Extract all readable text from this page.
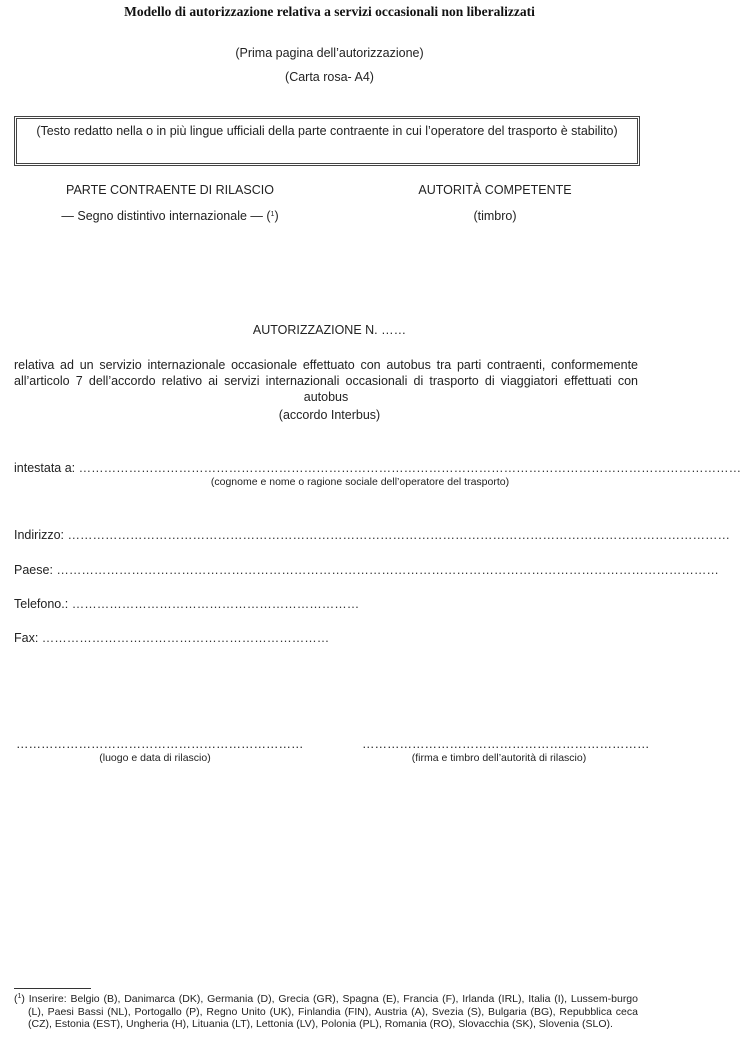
Modello di autorizzazione relativa a servizi occasionali non liberalizzati
(Prima pagina dell’autorizzazione)
(Carta rosa- A4)
(Testo redatto nella o in più lingue ufficiali della parte contraente in cui l’operatore del trasporto è stabilito)
PARTE CONTRAENTE DI RILASCIO
— Segno distintivo internazionale — ($^1$)
AUTORITÀ COMPETENTE
(timbro)
AUTORIZZAZIONE N. ……
relativa ad un servizio internazionale occasionale effettuato con autobus tra parti contraenti, conformemente all’articolo 7 dell’accordo relativo ai servizi internazionali occasionali di trasporto di viaggiatori effettuati con autobus
(accordo Interbus)
intestata a: ……………………………………………………………………………………………………………………………………………
(cognome e nome o ragione sociale dell’operatore del trasporto)
Indirizzo: ……………………………………………………………………………………………………………………………………………
Paese: ……………………………………………………………………………………………………………………………………………
Telefono.: ……………………………………………………………
Fax: ……………………………………………………………
……………………………………………………………
(luogo e data di rilascio)
……………………………………………………………
(firma e timbro dell’autorità di rilascio)
($^1$) Inserire: Belgio (B), Danimarca (DK), Germania (D), Grecia (GR), Spagna (E), Francia (F), Irlanda (IRL), Italia (I), Lussem-burgo (L), Paesi Bassi (NL), Portogallo (P), Regno Unito (UK), Finlandia (FIN), Austria (A), Svezia (S), Bulgaria (BG), Repubblica ceca (CZ), Estonia (EST), Ungheria (H), Lituania (LT), Lettonia (LV), Polonia (PL), Romania (RO), Slovacchia (SK), Slovenia (SLO).
